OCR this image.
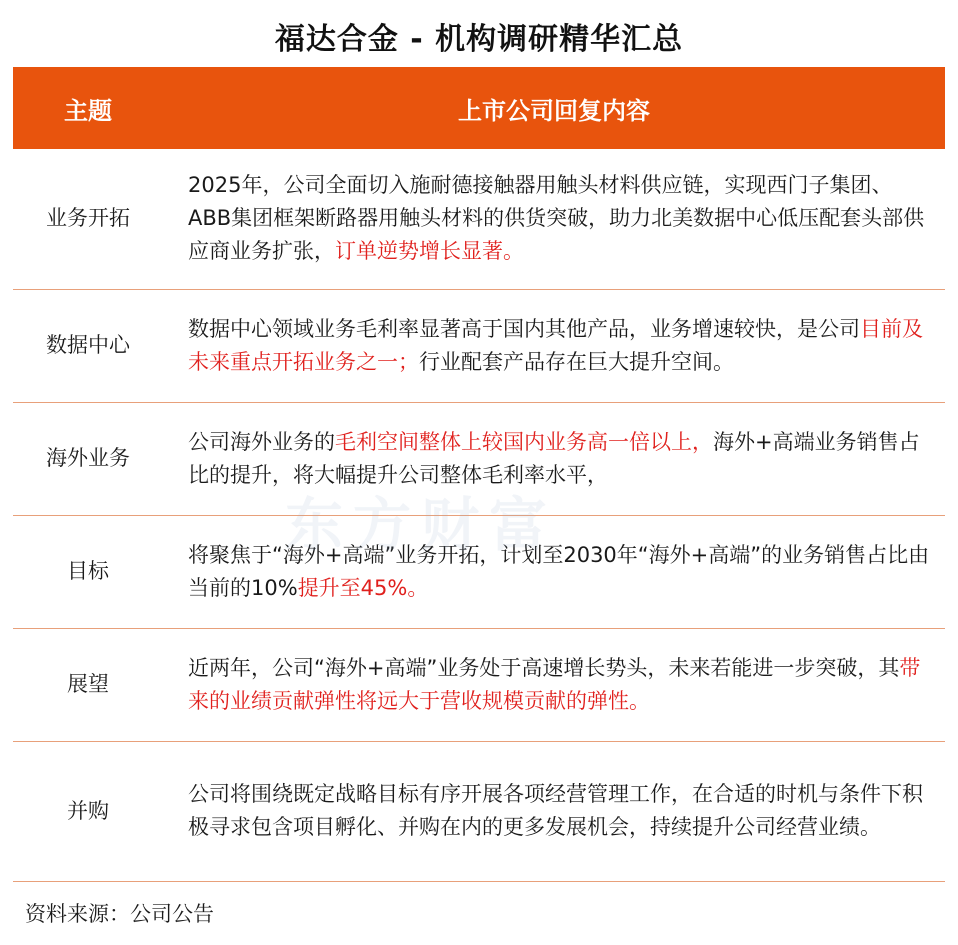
福达合金 - 机构调研精华汇总
主题	上市公司回复内容
业务开拓	2025年，公司全面切入施耐德接触器用触头材料供应链，实现西门子集团、ABB集团框架断路器用触头材料的供货突破，助力北美数据中心低压配套头部供应商业务扩张，订单逆势增长显著。
数据中心	数据中心领域业务毛利率显著高于国内其他产品，业务增速较快，是公司目前及未来重点开拓业务之一；行业配套产品存在巨大提升空间。
海外业务	公司海外业务的毛利空间整体上较国内业务高一倍以上，海外+高端业务销售占比的提升，将大幅提升公司整体毛利率水平，
目标	将聚焦于“海外+高端”业务开拓，计划至2030年“海外+高端”的业务销售占比由当前的10%提升至45%。
展望	近两年，公司“海外+高端”业务处于高速增长势头，未来若能进一步突破，其带来的业绩贡献弹性将远大于营收规模贡献的弹性。
并购	公司将围绕既定战略目标有序开展各项经营管理工作，在合适的时机与条件下积极寻求包含项目孵化、并购在内的更多发展机会，持续提升公司经营业绩。
东方财富
资料来源：公司公告
